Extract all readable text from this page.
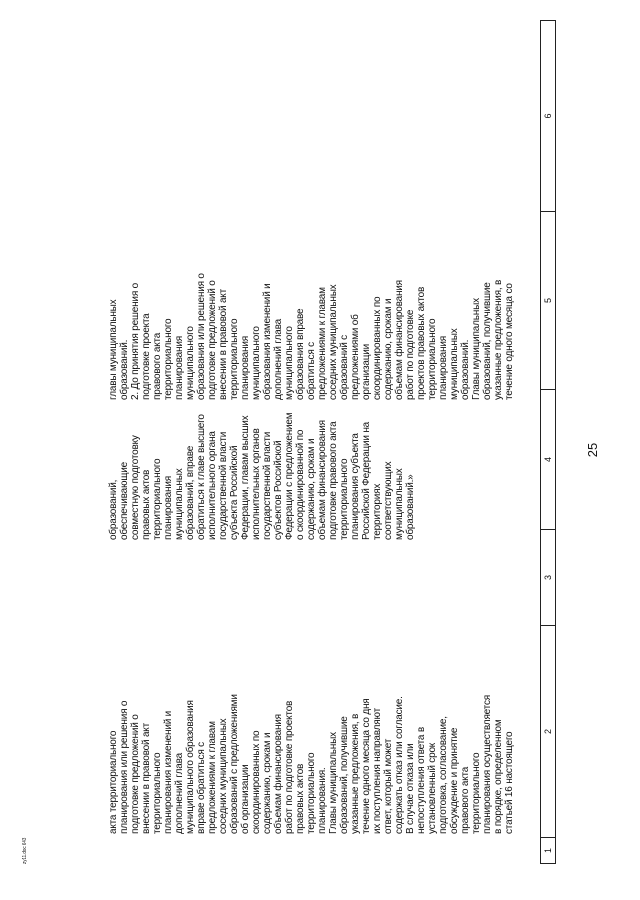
25
1
2
3
4
5
6
акта территориального планирования или решения о подготовке предложений о внесении в правовой акт территориального планирования изменений и дополнений глава муниципального образования вправе обратиться с предложениями к главам соседних муниципальных образований с предложениями об организации скоординированных по содержанию, срокам и объемам финансирования работ по подготовке проектов правовых актов территориального планирования. Главы муниципальных образований, получившие указанные предложения, в течение одного месяца со дня их поступления направляют ответ, который может содержать отказ или согласие. В случае отказа или непоступления ответа в установленный срок подготовка, согласование, обсуждение и принятие правового акта территориального планирования осуществляется в порядке, определенном статьей 16 настоящего
образований, обеспечивающие совместную подготовку правовых актов территориального планирования муниципальных образований, вправе обратиться к главе высшего исполнительного органа государственной власти субъекта Российской Федерации, главам высших исполнительных органов государственной власти субъектов Российской Федерации с предложением о скоординированной по содержанию, срокам и объемам финансирования подготовке правового акта территориального планирования субъекта Российской Федерации на территориях соответствующих муниципальных образований.»
главы муниципальных образований. 2. До принятия решения о подготовке проекта правового акта территориального планирования муниципального образования или решения о подготовке предложений о внесении в правовой акт территориального планирования муниципального образования изменений и дополнений глава муниципального образования вправе обратиться с предложениями к главам соседних муниципальных образований с предложениями об организации скоординированных по содержанию, срокам и объемам финансирования работ по подготовке проектов правовых актов территориального планирования муниципальных образований. Главы муниципальных образований, получившие указанные предложения, в течение одного месяца со
zy11.doc 643
